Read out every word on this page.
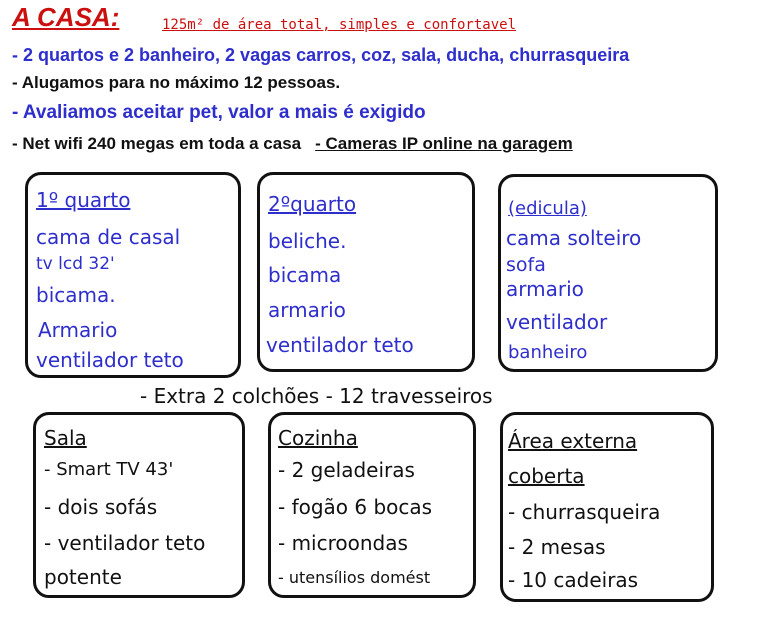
A CASA:	125m² de área total, simples e confortavel
- 2 quartos e 2 banheiro, 2 vagas carros, coz, sala, ducha, churrasqueira
- Alugamos para no máximo 12 pessoas.
- Avaliamos aceitar pet, valor a mais é exigido
- Net wifi 240 megas em toda a casa - Cameras IP online na garagem
1º quarto
cama de casal
tv lcd 32'
bicama.
Armario
ventilador teto
2ºquarto
beliche.
bicama
armario
ventilador teto
(edicula)
cama solteiro
sofa
armario
ventilador
banheiro
- Extra 2 colchões - 12 travesseiros
Sala
- Smart TV 43'
- dois sofás
- ventilador teto
potente
Cozinha
- 2 geladeiras
- fogão 6 bocas
- microondas
- utensílios domést
Área externa
coberta
- churrasqueira
- 2 mesas
- 10 cadeiras
